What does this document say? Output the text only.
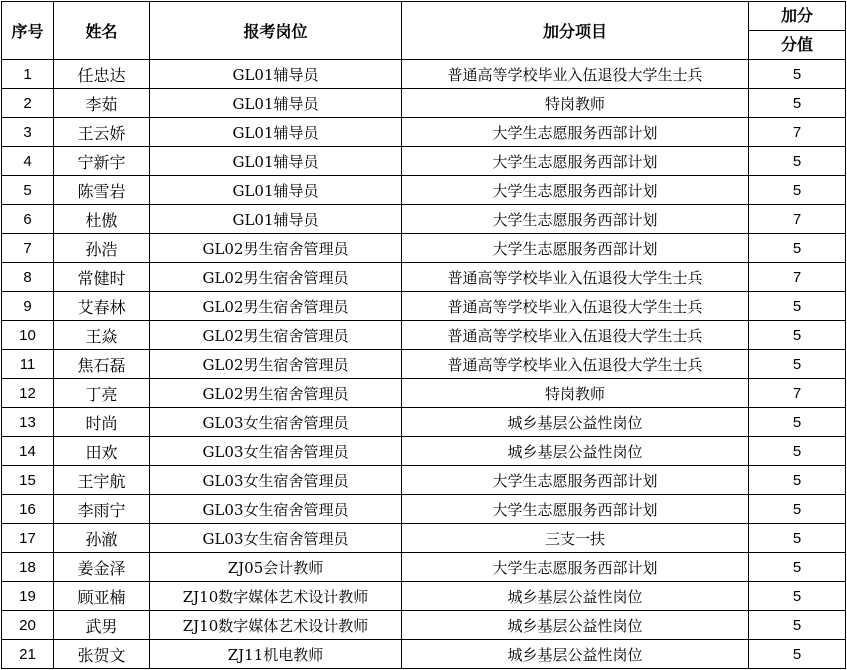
序号	姓名	报考岗位	加分项目	加分
分值

1	任忠达	GL01辅导员	普通高等学校毕业入伍退役大学生士兵	5
2	李茹	GL01辅导员	特岗教师	5
3	王云娇	GL01辅导员	大学生志愿服务西部计划	7
4	宁新宇	GL01辅导员	大学生志愿服务西部计划	5
5	陈雪岩	GL01辅导员	大学生志愿服务西部计划	5
6	杜傲	GL01辅导员	大学生志愿服务西部计划	7
7	孙浩	GL02男生宿舍管理员	大学生志愿服务西部计划	5
8	常健时	GL02男生宿舍管理员	普通高等学校毕业入伍退役大学生士兵	7
9	艾春林	GL02男生宿舍管理员	普通高等学校毕业入伍退役大学生士兵	5
10	王焱	GL02男生宿舍管理员	普通高等学校毕业入伍退役大学生士兵	5
11	焦石磊	GL02男生宿舍管理员	普通高等学校毕业入伍退役大学生士兵	5
12	丁亮	GL02男生宿舍管理员	特岗教师	7
13	时尚	GL03女生宿舍管理员	城乡基层公益性岗位	5
14	田欢	GL03女生宿舍管理员	城乡基层公益性岗位	5
15	王宇航	GL03女生宿舍管理员	大学生志愿服务西部计划	5
16	李雨宁	GL03女生宿舍管理员	大学生志愿服务西部计划	5
17	孙澈	GL03女生宿舍管理员	三支一扶	5
18	姜金泽	ZJ05会计教师	大学生志愿服务西部计划	5
19	顾亚楠	ZJ10数字媒体艺术设计教师	城乡基层公益性岗位	5
20	武男	ZJ10数字媒体艺术设计教师	城乡基层公益性岗位	5
21	张贺文	ZJ11机电教师	城乡基层公益性岗位	5
